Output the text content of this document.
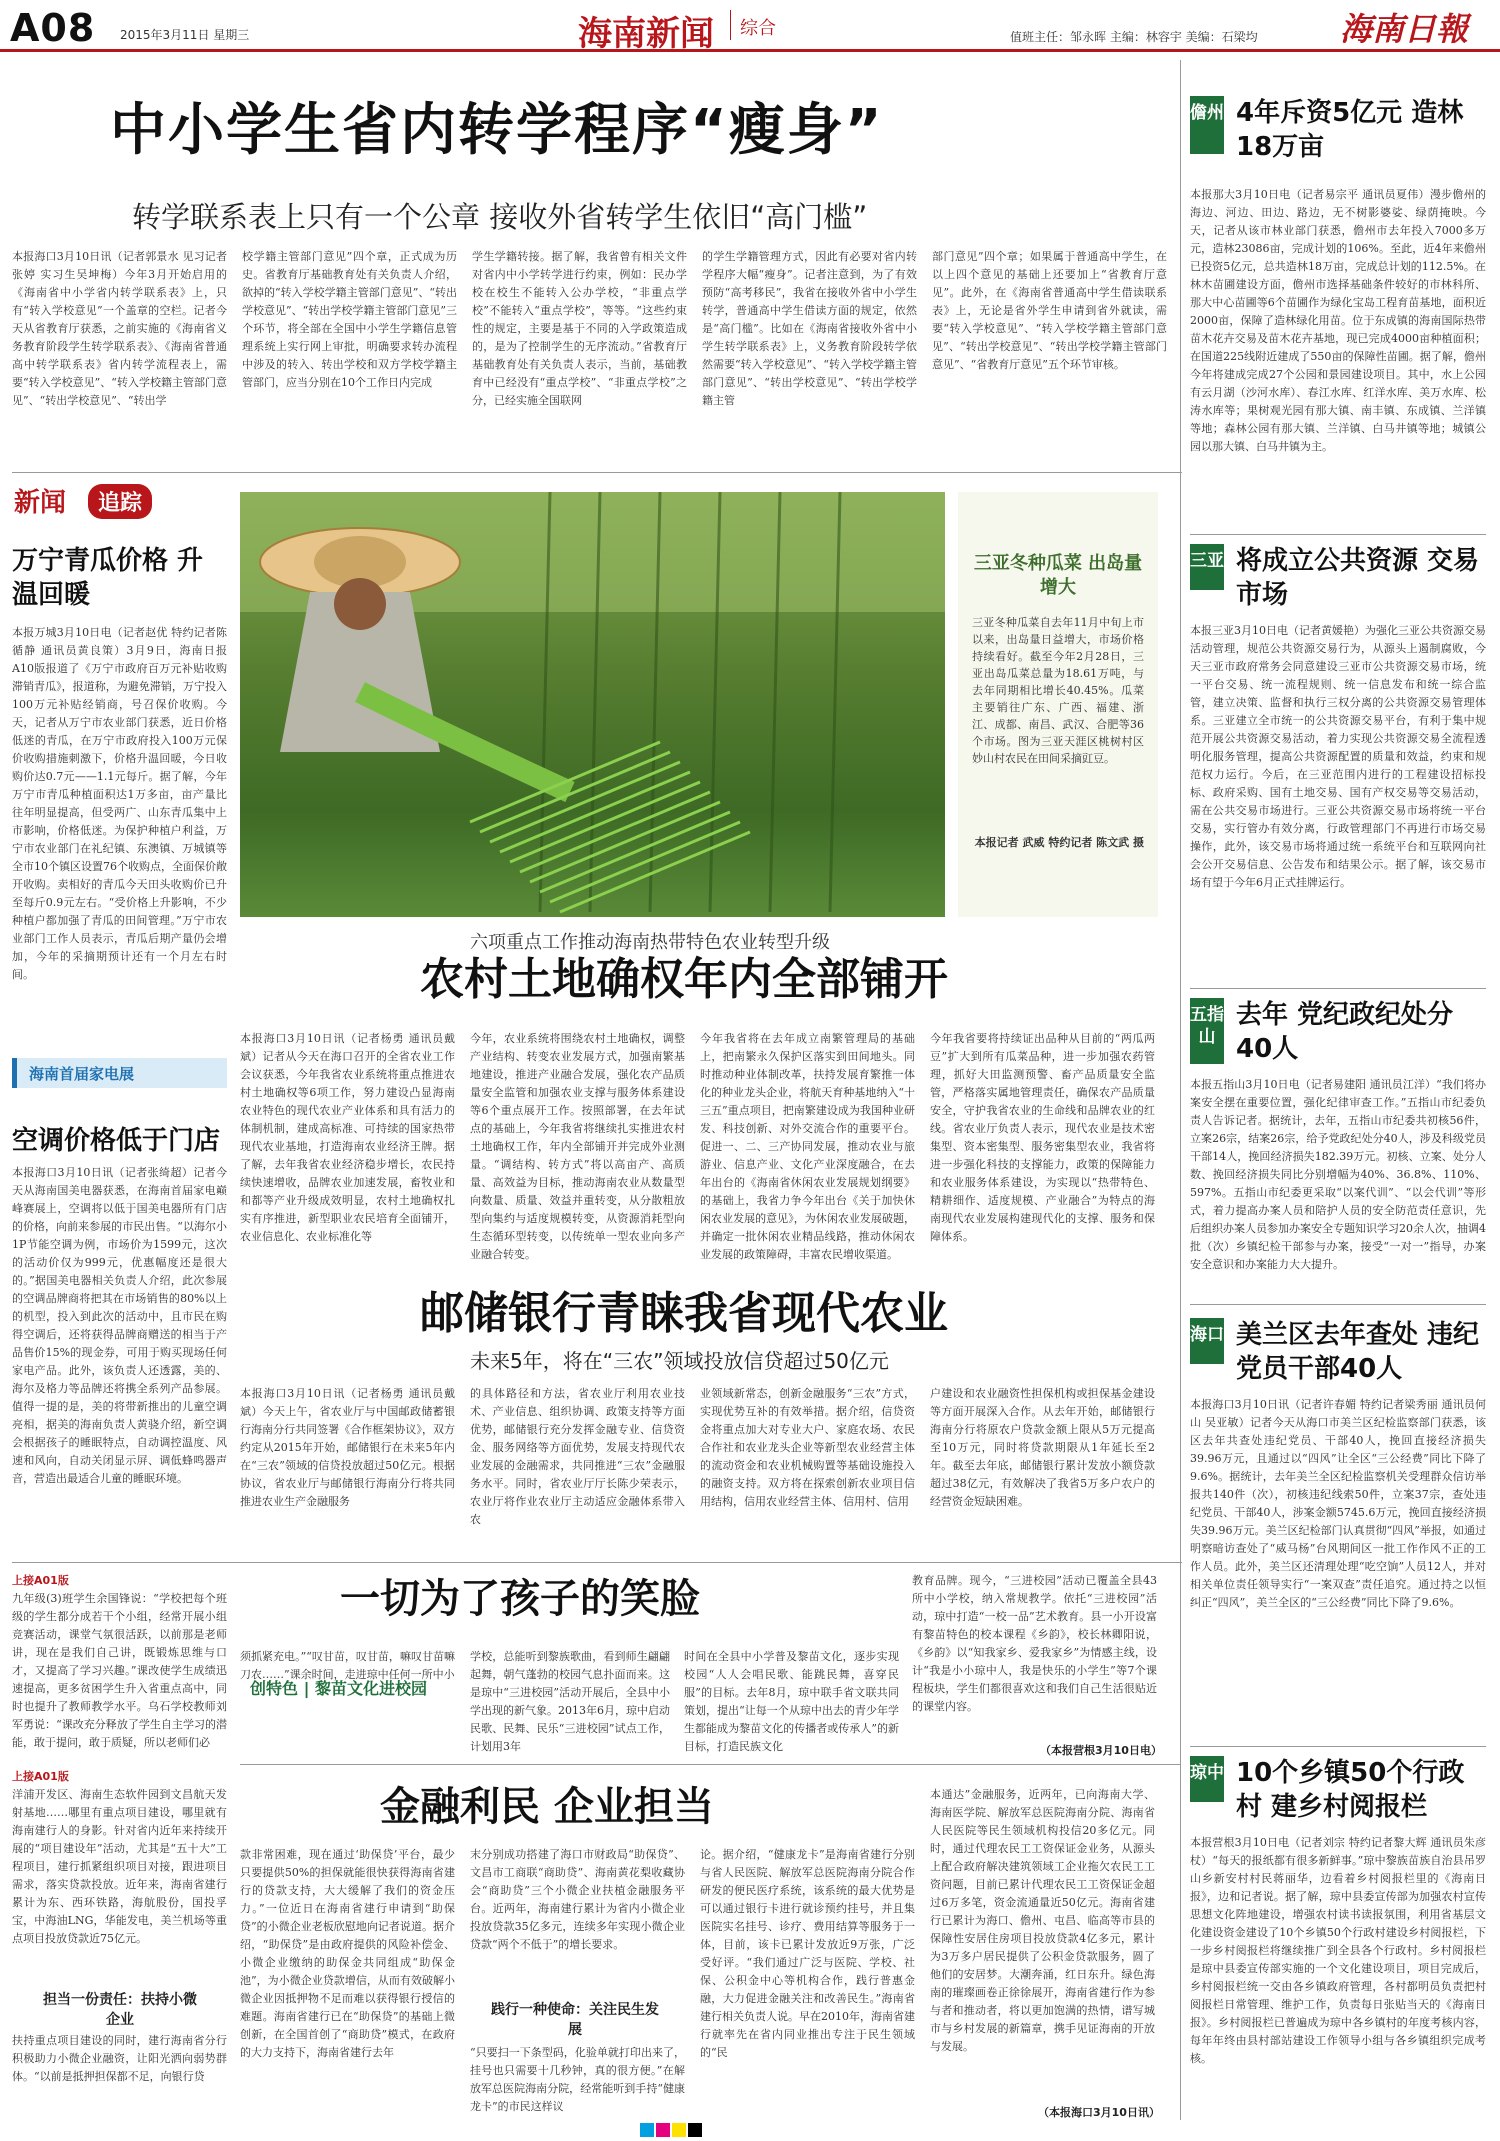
A08 2015年3月11日 星期三	海南新闻 综合	值班主任：邹永晖 主编：林容宇 美编：石梁均	海南日報
中小学生省内转学程序“瘦身”
转学联系表上只有一个公章 接收外省转学生依旧“高门槛”
本报海口3月10日讯（记者郭景水 见习记者张婷 实习生吴坤梅）今年3月开始启用的《海南省中小学省内转学联系表》上，只有“转入学校意见”一个盖章的空栏。记者今天从省教育厅获悉，之前实施的《海南省义务教育阶段学生转学联系表》、《海南省普通高中转学联系表》省内转学流程表上，需要“转入学校意见”、“转入学校籍主管部门意见”、“转出学校意见”、“转出学
校学籍主管部门意见”四个章，正式成为历史。省教育厅基础教育处有关负责人介绍，欲掉的“转入学校学籍主管部门意见”、“转出学校意见”、“转出学校学籍主管部门意见”三个环节，将全部在全国中小学生学籍信息管理系统上实行网上审批，明确要求转办流程中涉及的转入、转出学校和双方学校学籍主管部门，应当分别在10个工作日内完成
学生学籍转接。据了解，我省曾有相关文件对省内中小学转学进行约束，例如：民办学校在校生不能转入公办学校，“非重点学校”不能转入“重点学校”，等等。“这些约束性的规定，主要是基于不同的入学政策造成的，是为了控制学生的无序流动。”省教育厅基础教育处有关负责人表示，当前，基础教育中已经没有“重点学校”、“非重点学校”之分，已经实施全国联网
的学生学籍管理方式，因此有必要对省内转学程序大幅“瘦身”。记者注意到，为了有效预防“高考移民”，我省在接收外省中小学生转学，普通高中学生借读方面的规定，依然是“高门槛”。比如在《海南省接收外省中小学生转学联系表》上，义务教育阶段转学依然需要“转入学校意见”、“转入学校学籍主管部门意见”、“转出学校意见”、“转出学校学籍主管
部门意见”四个章；如果属于普通高中学生，在以上四个意见的基础上还要加上“省教育厅意见”。此外，在《海南省普通高中学生借读联系表》上，无论是省外学生申请到省外就读，需要“转入学校意见”、“转入学校学籍主管部门意见”、“转出学校意见”、“转出学校学籍主管部门意见”、“省教育厅意见”五个环节审核。
新闻	追踪
万宁青瓜价格 升温回暖
本报万城3月10日电（记者赵优 特约记者陈循静 通讯员黄良策）3月9日，海南日报A10版报道了《万宁市政府百万元补贴收购滞销青瓜》，报道称，为避免滞销，万宁投入100万元补贴经销商，号召保价收购。今天，记者从万宁市农业部门获悉，近日价格低迷的青瓜，在万宁市政府投入100万元保价收购措施刺激下，价格升温回暖，今日收购价达0.7元——1.1元每斤。据了解，今年万宁市青瓜种植面积达1万多亩，亩产量比往年明显提高，但受两广、山东青瓜集中上市影响，价格低迷。为保护种植户利益，万宁市农业部门在礼纪镇、东澳镇、万城镇等全市10个镇区设置76个收购点，全面保价敞开收购。卖相好的青瓜今天田头收购价已升至每斤0.9元左右。“受价格上升影响，不少种植户都加强了青瓜的田间管理。”万宁市农业部门工作人员表示，青瓜后期产量仍会增加，今年的采摘期预计还有一个月左右时间。
海南首届家电展
空调价格低于门店
本报海口3月10日讯（记者张绮超）记者今天从海南国美电器获悉，在海南首届家电巅峰赛展上，空调将以低于国美电器所有门店的价格，向前来参展的市民出售。“以海尔小1P节能空调为例，市场价为1599元，这次的活动价仅为999元，优惠幅度还是很大的。”据国美电器相关负责人介绍，此次参展的空调品牌商将把其在市场销售的80%以上的机型，投入到此次的活动中，且市民在购得空调后，还将获得品牌商赠送的相当于产品售价15%的现金券，可用于购买现场任何家电产品。此外，该负责人还透露，美的、海尔及格力等品牌还将携全系列产品参展。值得一提的是，美的将带新推出的儿童空调亮相，据美的海南负责人黄骁介绍，新空调会根据孩子的睡眠特点，自动调控温度、风速和风向，自动关闭显示屏、调低蜂鸣器声音，营造出最适合儿童的睡眠环境。
三亚冬种瓜菜 出岛量增大
三亚冬种瓜菜自去年11月中旬上市以来，出岛量日益增大，市场价格持续看好。截至今年2月28日，三亚出岛瓜菜总量为18.61万吨，与去年同期相比增长40.45%。瓜菜主要销往广东、广西、福建、浙江、成都、南昌、武汉、合肥等36个市场。图为三亚天涯区桃树村区妙山村农民在田间采摘豇豆。
本报记者 武威 特约记者 陈文武 摄
六项重点工作推动海南热带特色农业转型升级
农村土地确权年内全部铺开
本报海口3月10日讯（记者杨勇 通讯员戴斌）记者从今天在海口召开的全省农业工作会议获悉，今年我省农业系统将重点推进农村土地确权等6项工作，努力建设凸显海南农业特色的现代农业产业体系和具有活力的体制机制，建成高标准、可持续的国家热带现代农业基地，打造海南农业经济王牌。据了解，去年我省农业经济稳步增长，农民持续快速增收，品牌农业加速发展，畜牧业和和都等产业升级成效明显，农村土地确权扎实有序推进，新型职业农民培育全面铺开，农业信息化、农业标准化等
今年，农业系统将围绕农村土地确权，调整产业结构、转变农业发展方式，加强南繁基地建设，推进产业融合发展，强化农产品质量安全监管和加强农业支撑与服务体系建设等6个重点展开工作。按照部署，在去年试点的基础上，今年我省将继续扎实推进农村土地确权工作，年内全部铺开并完成外业测量。“调结构、转方式”将以高亩产、高质量、高效益为目标，推动海南农业从数量型向数量、质量、效益并重转变，从分散粗放型向集约与适度规模转变，从资源消耗型向生态循环型转变，以传统单一型农业向多产业融合转变。
今年我省将在去年成立南繁管理局的基础上，把南繁永久保护区落实到田间地头。同时推动种业体制改革，扶持发展育繁推一体化的种业龙头企业，将航天育种基地纳入“十三五”重点项目，把南繁建设成为我国种业研发、科技创新、对外交流合作的重要平台。促进一、二、三产协同发展，推动农业与旅游业、信息产业、文化产业深度融合，在去年出台的《海南省休闲农业发展规划纲要》的基础上，我省力争今年出台《关于加快休闲农业发展的意见》，为休闲农业发展破题，并确定一批休闲农业精品线路，推动休闲农业发展的政策障碍，丰富农民增收渠道。
今年我省要将持续证出品种从目前的“两瓜两豆”扩大到所有瓜菜品种，进一步加强农药管理，抓好大田监测预警、畜产品质量安全监管，严格落实属地管理责任，确保农产品质量安全，守护我省农业的生命线和品牌农业的红线。省农业厅负责人表示，现代农业是技术密集型、资本密集型、服务密集型农业，我省将进一步强化科技的支撑能力，政策的保障能力和农业服务体系建设，为实现以“热带特色、精耕细作、适度规模、产业融合”为特点的海南现代农业发展构建现代化的支撑、服务和保障体系。
邮储银行青睐我省现代农业
未来5年，将在“三农”领域投放信贷超过50亿元
本报海口3月10日讯（记者杨勇 通讯员戴斌）今天上午，省农业厅与中国邮政储蓄银行海南分行共同签署《合作框架协议》，双方约定从2015年开始，邮储银行在未来5年内在“三农”领域的信贷投放超过50亿元。根据协议，省农业厅与邮储银行海南分行将共同推进农业生产金融服务
的具体路径和方法，省农业厅利用农业技术、产业信息、组织协调、政策支持等方面优势，邮储银行充分发挥金融专业、信贷资金、服务网络等方面优势，发展支持现代农业发展的金融需求，共同推进“三农”金融服务水平。同时，省农业厅厅长陈少荣表示，农业厅将作业农业厅主动适应金融体系带入农
业领域新常态，创新金融服务“三农”方式，实现优势互补的有效举措。据介绍，信贷资金将重点加大对专业大户、家庭农场、农民合作社和农业龙头企业等新型农业经营主体的流动资金和农业机械购置等基础设施投入的融资支持。双方将在探索创新农业项目信用结构，信用农业经营主体、信用村、信用
户建设和农业融资性担保机构或担保基金建设等方面开展深入合作。从去年开始，邮储银行海南分行将原农户贷款金额上限从5万元提高至10万元，同时将贷款期限从1年延长至2年。截至去年底，邮储银行累计发放小额贷款超过38亿元，有效解决了我省5万多户农户的经营资金短缺困难。
上接A01版
九年级(3)班学生余国锋说：“学校把每个班级的学生都分成若干个小组，经常开展小组竞赛活动，课堂气氛很活跃，以前那是老师讲，现在是我们自己讲，既锻炼思维与口才，又提高了学习兴趣。”课改使学生成绩迅速提高，更多贫困学生升入省重点高中，同时也提升了教师教学水平。乌石学校教师刘军勇说：“课改充分释放了学生自主学习的潜能，敢于提问，敢于质疑，所以老师们必
一切为了孩子的笑脸
须抓紧充电。”“叹甘苗，叹甘苗，嘛叹甘苗嘛刀农……”课余时间，走进琼中任何一所中小
创特色 | 黎苗文化进校园
学校，总能听到黎族歌曲，看到师生翩翩起舞，朝气蓬勃的校园气息扑面而来。这是琼中“三进校园”活动开展后，全县中小学出现的新气象。2013年6月，琼中启动民歌、民舞、民乐“三进校园”试点工作，计划用3年
时间在全县中小学普及黎苗文化，逐步实现校园“人人会唱民歌、能跳民舞，喜穿民服”的目标。去年8月，琼中联手省文联共同策划，提出“让每一个从琼中出去的青少年学生都能成为黎苗文化的传播者或传承人”的新目标，打造民族文化
教育品牌。现今，“三进校园”活动已覆盖全县43所中小学校，纳入常规教学。依托“三进校园”活动，琼中打造“一校一品”艺术教育。县一小开设富有黎苗特色的校本课程《乡韵》，校长林卿阳说，《乡韵》以“知我家乡、爱我家乡”为情感主线，设计“我是小小琼中人，我是快乐的小学生”等7个课程板块，学生们都很喜欢这和我们自己生活很贴近的课堂内容。
（本报营根3月10日电）
上接A01版
洋浦开发区、海南生态软件园到文昌航天发射基地……哪里有重点项目建设，哪里就有海南建行人的身影。针对省内近年来持续开展的“项目建设年”活动，尤其是“五十大”工程项目，建行抓紧组织项目对接，跟进项目需求，落实贷款投放。近年来，海南省建行累计为东、西环铁路，海航股份，国投孚宝，中海油LNG，华能发电，美兰机场等重点项目投放贷款近75亿元。
担当一份责任：扶持小微企业
扶持重点项目建设的同时，建行海南省分行积极助力小微企业融资，让阳光洒向弱势群体。“以前是抵押担保都不足，向银行贷
金融利民 企业担当
款非常困难，现在通过‘助保贷’平台，最少只要提供50%的担保就能很快获得海南省建行的贷款支持，大大缓解了我们的资金压力。”一位近日在海南省建行申请到“助保贷”的小微企业老板欣慰地向记者说道。据介绍，“助保贷”是由政府提供的风险补偿金、小微企业缴纳的助保金共同组成“助保金池”，为小微企业贷款增信，从而有效破解小微企业因抵押物不足而难以获得银行授信的难题。海南省建行已在“助保贷”的基础上微创新，在全国首创了“商助贷”模式，在政府的大力支持下，海南省建行去年
末分别成功搭建了海口市财政局“助保贷”、文昌市工商联“商助贷”、海南黄花梨收藏协会“商助贷”三个小微企业扶植金融服务平台。近两年，海南建行累计为省内小微企业投放贷款35亿多元，连续多年实现小微企业贷款“两个不低于”的增长要求。
践行一种使命：关注民生发展
“只要扫一下条型码，化验单就打印出来了，挂号也只需要十几秒钟，真的很方便。”在解放军总医院海南分院，经常能听到手持“健康龙卡”的市民这样议
论。据介绍，“健康龙卡”是海南省建行分别与省人民医院、解放军总医院海南分院合作研发的便民医疗系统，该系统的最大优势是可以通过银行卡进行就诊预约挂号，并且集医院实名挂号、诊疗、费用结算等服务于一体，目前，该卡已累计发放近9万张，广泛受好评。“我们通过广泛与医院、学校、社保、公积金中心等机构合作，践行普惠金融，大力促进金融关注和改善民生。”海南省建行相关负责人说。早在2010年，海南省建行就率先在省内同业推出专注于民生领域的“民
本通达”金融服务，近两年，已向海南大学、海南医学院、解放军总医院海南分院、海南省人民医院等民生领域机构投信20多亿元。同时，通过代理农民工工资保证金业务，从源头上配合政府解决建筑领域工企业拖欠农民工工资问题，目前已累计代理农民工工资保证金超过6万多笔，资金流通量近50亿元。海南省建行已累计为海口、儋州、屯昌、临高等市县的保障性安居住房项目投放贷款4亿多元，累计为3万多户居民提供了公积金贷款服务，圆了他们的安居梦。大潮奔涌，红日东升。绿色海南的璀璨画卷正徐徐展开，海南省建行作为参与者和推动者，将以更加饱满的热情，谱写城市与乡村发展的新篇章，携手见证海南的开放与发展。
（本报海口3月10日讯）
儋州 4年斥资5亿元 造林18万亩
本报那大3月10日电（记者易宗平 通讯员夏伟）漫步儋州的海边、河边、田边、路边，无不树影婆娑、绿荫掩映。今天，记者从该市林业部门获悉，儋州市去年投入7000多万元，造林23086亩，完成计划的106%。至此，近4年来儋州已投资5亿元，总共造林18万亩，完成总计划的112.5%。在林木苗圃建设方面，儋州市选择基础条件较好的市林科所、那大中心苗圃等6个苗圃作为绿化宝岛工程育苗基地，面积近2000亩，保障了造林绿化用苗。位于东成镇的海南国际热带苗木花卉交易及苗木花卉基地，现已完成4000亩种植面积；在国道225线附近建成了550亩的保障性苗圃。据了解，儋州今年将建成完成27个公园和景园建设项目。其中，水上公园有云月湖（沙河水库）、春江水库、红洋水库、美万水库、松涛水库等；果树观光园有那大镇、南丰镇、东成镇、兰洋镇等地；森林公园有那大镇、兰洋镇、白马井镇等地；城镇公园以那大镇、白马井镇为主。
三亚 将成立公共资源 交易市场
本报三亚3月10日电（记者黄媛艳）为强化三亚公共资源交易活动管理，规范公共资源交易行为，从源头上遏制腐败，今天三亚市政府常务会同意建设三亚市公共资源交易市场，统一平台交易、统一流程规则、统一信息发布和统一综合监管，建立决策、监督和执行三权分离的公共资源交易管理体系。三亚建立全市统一的公共资源交易平台，有利于集中规范开展公共资源交易活动，着力实现公共资源交易全流程透明化服务管理，提高公共资源配置的质量和效益，约束和规范权力运行。今后，在三亚范围内进行的工程建设招标投标、政府采购、国有土地交易、国有产权交易等交易活动，需在公共交易市场进行。三亚公共资源交易市场将统一平台交易，实行管办有效分离，行政管理部门不再进行市场交易操作，此外，该交易市场将通过统一系统平台和互联网向社会公开交易信息、公告发布和结果公示。据了解，该交易市场有望于今年6月正式挂牌运行。
五指山
去年 党纪政纪处分40人
本报五指山3月10日电（记者易建阳 通讯员江洋）“我们将办案安全摆在重要位置，强化纪律审查工作。”五指山市纪委负责人告诉记者。据统计，去年，五指山市纪委共初核56件，立案26宗，结案26宗，给予党政纪处分40人，涉及科级党员干部14人，挽回经济损失182.39万元。初核、立案、处分人数、挽回经济损失同比分别增幅为40%、36.8%、110%、597%。五指山市纪委更采取“以案代训”、“以会代训”等形式，着力提高办案人员和陪护人员的安全防范责任意识，先后组织办案人员参加办案安全专题知识学习20余人次，抽调4批（次）乡镇纪检干部参与办案，接受“一对一”指导，办案安全意识和办案能力大大提升。
海口 美兰区去年查处 违纪党员干部40人
本报海口3月10日讯（记者许春媚 特约记者梁秀丽 通讯员何山 吴亚敏）记者今天从海口市美兰区纪检监察部门获悉，该区去年共查处违纪党员、干部40人，挽回直接经济损失39.96万元，且通过以“四风”让全区“三公经费”同比下降了9.6%。据统计，去年美兰全区纪检监察机关受理群众信访举报共140件（次），初核违纪线索50件，立案37宗，查处违纪党员、干部40人，涉案金额5745.6万元，挽回直接经济损失39.96万元。美兰区纪检部门认真贯彻“四风”举报，如通过明察暗访查处了“威马杨”台风期间区一批工作作风不正的工作人员。此外，美兰区还清理处理“吃空饷”人员12人，并对相关单位责任领导实行“一案双查”责任追究。通过持之以恒纠正“四风”，美兰全区的“三公经费”同比下降了9.6%。
琼中 10个乡镇50个行政村 建乡村阅报栏
本报营根3月10日电（记者刘宗 特约记者黎大辉 通讯员朱彦杖）“每天的报纸都有很多新鲜事。”琼中黎族苗族自治县吊罗山乡新安村村民蒋丽华，边看着乡村阅报栏里的《海南日报》，边和记者说。据了解，琼中县委宣传部为加强农村宣传思想文化阵地建设，增强农村读书读报氛围，利用省基层文化建设资金建设了10个乡镇50个行政村建设乡村阅报栏，下一步乡村阅报栏将继续推广到全县各个行政村。乡村阅报栏是琼中县委宣传部实施的一个文化建设项目，项目完成后，乡村阅报栏统一交由各乡镇政府管理，各村都明员负责把村阅报栏日常管理、维护工作，负责每日张贴当天的《海南日报》。乡村阅报栏已普遍成为琼中各乡镇村的年度考核内容，每年年终由县村部站建设工作领导小组与各乡镇组织完成考核。
